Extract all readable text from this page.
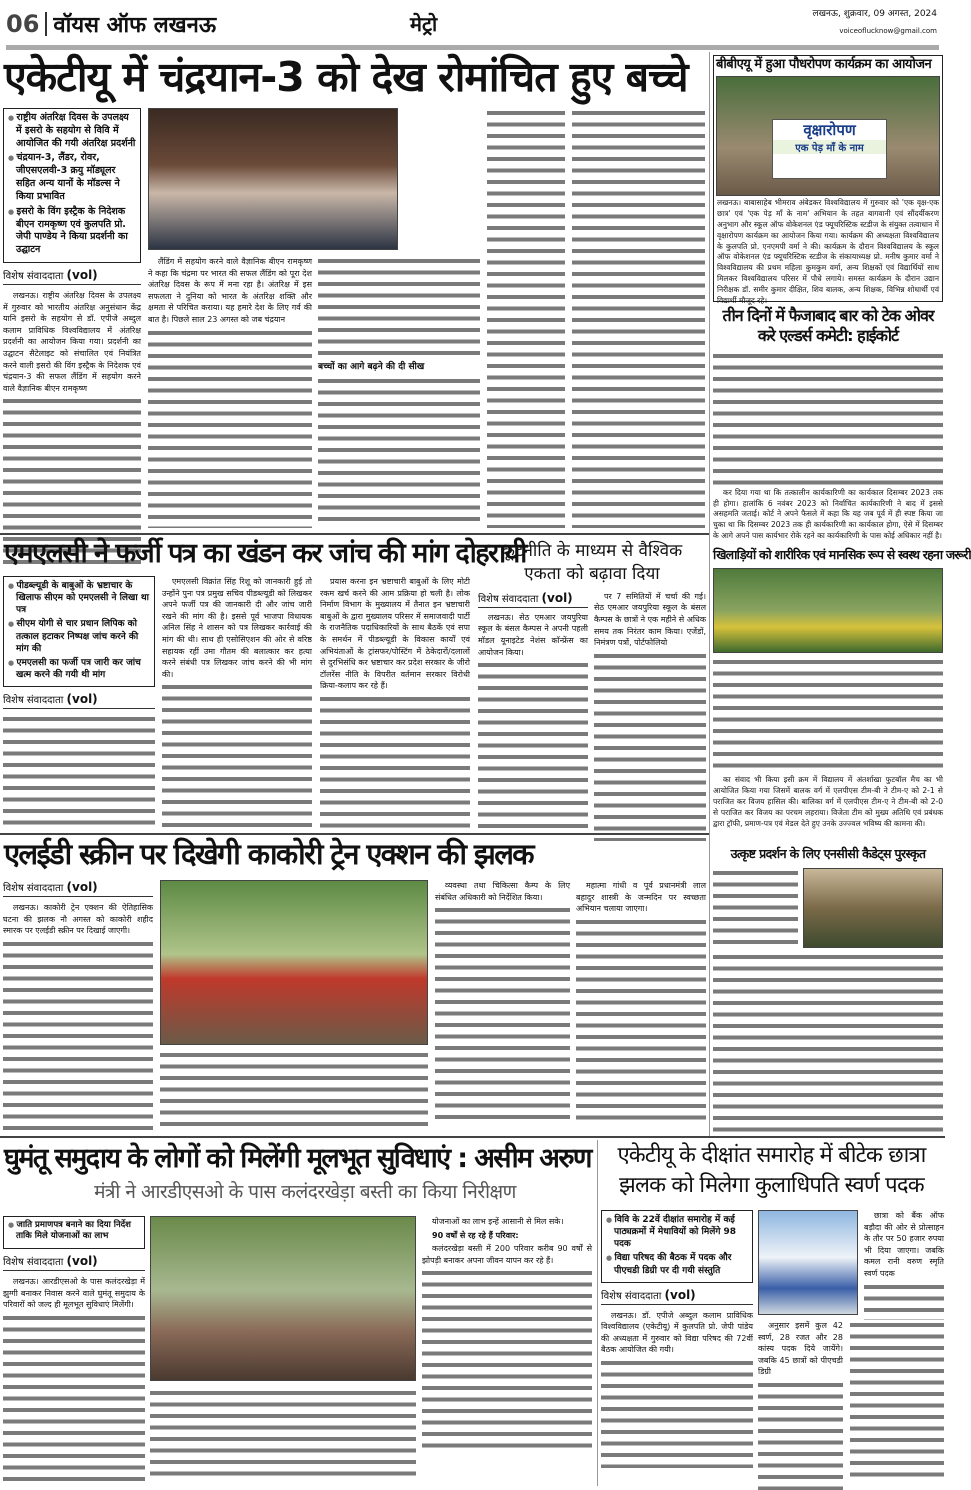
06 वॉयस ऑफ लखनऊ	मेट्रो	लखनऊ, शुक्रवार, 09 अगस्त, 2024
voiceoflucknow@gmail.com
एकेटीयू में चंद्रयान-3 को देख रोमांचित हुए बच्चे
● राष्ट्रीय अंतरिक्ष दिवस के उपलक्ष्य में इसरो के सहयोग से विवि में आयोजित की गयी अंतरिक्ष प्रदर्शनी
● चंद्रयान-3, लैंडर, रोवर, जीएसएलवी-3 क्रयु मॉड्यूलर सहित अन्य यानों के मॉडल्स ने किया प्रभावित
● इसरो के विंग इस्ट्रैक के निदेशक बीएन रामकृष्ण एवं कुलपति प्रो. जेपी पाण्डेय ने किया प्रदर्शनी का उद्घाटन
विशेष संवाददाता (vol)

लखनऊ। राष्ट्रीय अंतरिक्ष दिवस के उपलक्ष्य में गुरुवार को भारतीय अंतरिक्ष अनुसंधान केंद्र यानि इसरो के सहयोग से डॉ. एपीजे अब्दुल कलाम प्राविधिक विश्वविद्यालय में अंतरिक्ष प्रदर्शनी का आयोजन किया गया। प्रदर्शनी का उद्घाटन सैटेलाइट को संचालित एवं नियंत्रित करने वाली इसरो की विंग इस्ट्रैक के निदेशक एवं चंद्रयान-3 की सफल लैंडिंग में सहयोग करने वाले वैज्ञानिक बीएन रामकृष्ण

लैंडिंग में सहयोग करने वाले वैज्ञानिक बीएन रामकृष्ण ने कहा कि चंद्रमा पर भारत की सफल लैंडिंग को पूरा देश अंतरिक्ष दिवस के रूप में मना रहा है। अंतरिक्ष में इस सफलता ने दुनिया को भारत के अंतरिक्ष शक्ति और क्षमता से परिचित कराया। यह हमारे देश के लिए गर्व की बात है। पिछले साल 23 अगस्त को जब चंद्रयान

बच्चों का आगे बढ़ने की दी सीख

बीबीएयू में हुआ पौधरोपण कार्यक्रम का आयोजन
वृक्षारोपण
एक पेड़ माँ के नाम
लखनऊ। बाबासाहेब भीमराव अंबेडकर विश्वविद्यालय में गुरुवार को 'एक वृक्ष-एक छात्र' एवं 'एक पेड़ माँ के नाम' अभियान के तहत बागवानी एवं सौंदर्यीकरण अनुभाग और स्कूल ऑफ वोकेशनल एंड फ्यूचरिस्टिक स्टडीज के संयुक्त तत्वाधान में वृक्षारोपण कार्यक्रम का आयोजन किया गया। कार्यक्रम की अध्यक्षता विश्वविद्यालय के कुलपति प्रो. एनएमपी वर्मा ने की। कार्यक्रम के दौरान विश्वविद्यालय के स्कूल ऑफ वोकेशनल एंड फ्यूचरिस्टिक स्टडीज के संकायाध्यक्ष प्रो. मनीष कुमार वर्मा ने विश्वविद्यालय की प्रथम महिला कुमकुम वर्मा, अन्य शिक्षकों एवं विद्यार्थियों साथ मिलकर विश्वविद्यालय परिसर में पौधे लगाये। समस्त कार्यक्रम के दौरान उद्यान निरीक्षक डॉ. समीर कुमार दीक्षित, शिव बालक, अन्य शिक्षक, विभिन्न शोधार्थी एवं विद्यार्थी मौजूद रहे।
तीन दिनों में फैजाबाद बार को टेक ओवर करे एल्डर्स कमेटी: हाईकोर्ट

कर दिया गया था कि तत्कालीन कार्यकारिणी का कार्यकाल दिसम्बर 2023 तक ही होगा। हालांकि 6 नवंबर 2023 को निर्वाचित कार्यकारिणी ने बाद में इससे असहमति जताई। कोर्ट ने अपने फैसले में कहा कि यह जब पूर्व में ही स्पष्ट किया जा चुका था कि दिसम्बर 2023 तक ही कार्यकारिणी का कार्यकाल होगा, ऐसे में दिसम्बर के आगे अपने पास कार्यभार रोके रहने का कार्यकारिणी के पास कोई अधिकार नहीं है।

खिलाड़ियों को शारीरिक एवं मानसिक रूप से स्वस्थ रहना जरूरी

का संवाद भी किया इसी क्रम में विद्यालय में अंतर्शाखा फुटबॉल मैच का भी आयोजित किया गया जिसमें बालक वर्ग में एलपीएस टीम-बी ने टीम-ए को 2-1 से पराजित कर विजय हासिल की। बालिका वर्ग में एलपीएस टीम-ए ने टीम-बी को 2-0 से पराजित कर विजय का परचम लहराया। विजेता टीम को मुख्य अतिथि एवं प्रबंधक द्वारा ट्रॉफी, प्रमाण-पत्र एवं मेडल देते हुए उनके उज्ज्वल भविष्य की कामना की।

उत्कृष्ट प्रदर्शन के लिए एनसीसी कैडेट्स पुरस्कृत
एमएलसी ने फर्जी पत्र का खंडन कर जांच की मांग दोहरायी
● पीडब्ल्यूडी के बाबुओं के भ्रष्टाचार के खिलाफ सीएम को एमएलसी ने लिखा था पत्र
● सीएम योगी से चार प्रधान लिपिक को तत्काल हटाकर निष्पक्ष जांच करने की मांग की
● एमएलसी का फर्जी पत्र जारी कर जांच खत्म करने की गयी थी मांग
विशेष संवाददाता (vol)

एमएलसी विक्रांत सिंह रिशू को जानकारी हुई तो उन्होंने पुनः पत्र प्रमुख सचिव पीडब्ल्यूडी को लिखकर अपने फर्जी पत्र की जानकारी दी और जांच जारी रखने की मांग की है। इससे पूर्व भाजपा विधायक अनिल सिंह ने शासन को पत्र लिखकर कार्रवाई की मांग की थी। साथ ही एसोसिएशन की ओर से वरिष्ठ सहायक रहीं उमा गौतम की बलात्कार कर हत्या करने संबंधी पत्र लिखकर जांच करने की भी मांग की।

प्रयास करना इन भ्रष्टाचारी बाबुओं के लिए मोटी रकम खर्च करने की आम प्रक्रिया हो चली है। लोक निर्माण विभाग के मुख्यालय में तैनात इन भ्रष्टाचारी बाबुओं के द्वारा मुख्यालय परिसर में समाजवादी पार्टी के राजनैतिक पदाधिकारियों के साथ बैठकें एवं सपा के समर्थन में पीडब्ल्यूडी के विकास कार्यों एवं अभियंताओं के ट्रांसफर/पोस्टिंग में ठेकेदारों/दलालों से दुरभिसंधि कर भ्रष्टाचार कर प्रदेश सरकार के जीरो टॉलरेंस नीति के विपरीत वर्तमान सरकार विरोधी क्रिया-कलाप कर रहे हैं।

कूटनीति के माध्यम से वैश्विक
एकता को बढ़ावा दिया
विशेष संवाददाता (vol)

लखनऊ। सेठ एमआर जयपुरिया स्कूल के बंसल कैम्पस ने अपनी पहली मॉडल यूनाइटेड नेशंस कॉन्फ्रेंस का आयोजन किया।

पर 7 समितियों में चर्चा की गई। सेठ एमआर जयपुरिया स्कूल के बंसल कैम्पस के छात्रों ने एक महीने से अधिक समय तक निरंतर काम किया। एजेंडों, निमंत्रण पत्रों, पोर्टफोलियो

एलईडी स्क्रीन पर दिखेगी काकोरी ट्रेन एक्शन की झलक
विशेष संवाददाता (vol)

लखनऊ। काकोरी ट्रेन एक्शन की ऐतिहासिक घटना की झलक नौ अगस्त को काकोरी शहीद स्मारक पर एलईडी स्क्रीन पर दिखाई जाएगी।

व्यवस्था तथा चिकित्सा कैम्प के लिए संबंधित अधिकारी को निर्देशित किया।

महात्मा गांधी व पूर्व प्रधानमंत्री लाल बहादुर शास्त्री के जन्मदिन पर स्वच्छता अभियान चलाया जाएगा।

घुमंतू समुदाय के लोगों को मिलेंगी मूलभूत सुविधाएं : असीम अरुण
मंत्री ने आरडीएसओ के पास कलंदरखेड़ा बस्ती का किया निरीक्षण
● जाति प्रमाणपत्र बनाने का दिया निर्देश ताकि मिले योजनाओं का लाभ
विशेष संवाददाता (vol)

लखनऊ। आरडीएसओ के पास कलंदरखेड़ा में झुग्गी बनाकर निवास करने वाले घुमंतू समुदाय के परिवारों को जल्द ही मूलभूत सुविधाएं मिलेंगी।

योजनाओं का लाभ इन्हें आसानी से मिल सके।

90 वर्षों से रह रहे हैं परिवार:

कलंदरखेड़ा बस्ती में 200 परिवार करीब 90 वर्षों से झोपड़ी बनाकर अपना जीवन यापन कर रहे हैं।

एकेटीयू के दीक्षांत समारोह में बीटेक छात्रा
झलक को मिलेगा कुलाधिपति स्वर्ण पदक
● विवि के 22वें दीक्षांत समारोह में कई पाठ्यक्रमों में मेधावियों को मिलेंगे 98 पदक
● विद्या परिषद की बैठक में पदक और पीएचडी डिग्री पर दी गयी संस्तुति
विशेष संवाददाता (vol)

लखनऊ। डॉ. एपीजे अब्दुल कलाम प्राविधिक विश्वविद्यालय (एकेटीयू) में कुलपति प्रो. जेपी पांडेय की अध्यक्षता में गुरुवार को विद्या परिषद की 72वीं बैठक आयोजित की गयी।

छात्रा को बैंक ऑफ बड़ौदा की ओर से प्रोत्साहन के तौर पर 50 हजार रुपया भी दिया जाएगा। जबकि कमल रानी वरुण स्मृति स्वर्ण पदक

अनुसार इसमें कुल 42 स्वर्ण, 28 रजत और 28 कांस्य पदक दिये जायेंगे। जबकि 45 छात्रों को पीएचडी डिग्री
